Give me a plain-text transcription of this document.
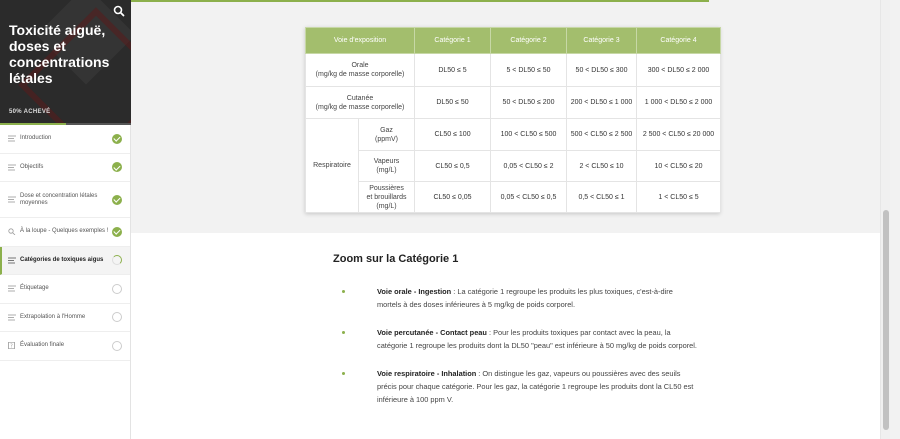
Toxicité aiguë, doses et concentrations létales
50% ACHEVÉ
Introduction
Objectifs
Dose et concentration létales moyennes
À la loupe - Quelques exemples !
Catégories de toxiques aigus
Étiquetage
Extrapolation à l'Homme
? Évaluation finale
Voie d'exposition		Catégorie 1	Catégorie 2	Catégorie 3	Catégorie 4
Orale
(mg/kg de masse corporelle)		DL50 ≤ 5	5 < DL50 ≤ 50	50 < DL50 ≤ 300	300 < DL50 ≤ 2 000
Cutanée
(mg/kg de masse corporelle)		DL50 ≤ 50	50 < DL50 ≤ 200	200 < DL50 ≤ 1 000	1 000 < DL50 ≤ 2 000
Respiratoire	Gaz
(ppmV)	CL50 ≤ 100	100 < CL50 ≤ 500	500 < CL50 ≤ 2 500	2 500 < CL50 ≤ 20 000
	Vapeurs
(mg/L)	CL50 ≤ 0,5	0,05 < CL50 ≤ 2	2 < CL50 ≤ 10	10 < CL50 ≤ 20
	Poussières
et brouillards
(mg/L)	CL50 ≤ 0,05	0,05 < CL50 ≤ 0,5	0,5 < CL50 ≤ 1	1 < CL50 ≤ 5
Zoom sur la Catégorie 1
Voie orale - Ingestion : La catégorie 1 regroupe les produits les plus toxiques, c'est-à-dire mortels à des doses inférieures à 5 mg/kg de poids corporel.
Voie percutanée - Contact peau : Pour les produits toxiques par contact avec la peau, la catégorie 1 regroupe les produits dont la DL50 "peau" est inférieure à 50 mg/kg de poids corporel.
Voie respiratoire - Inhalation : On distingue les gaz, vapeurs ou poussières avec des seuils précis pour chaque catégorie. Pour les gaz, la catégorie 1 regroupe les produits dont la CL50 est inférieure à 100 ppm V.
